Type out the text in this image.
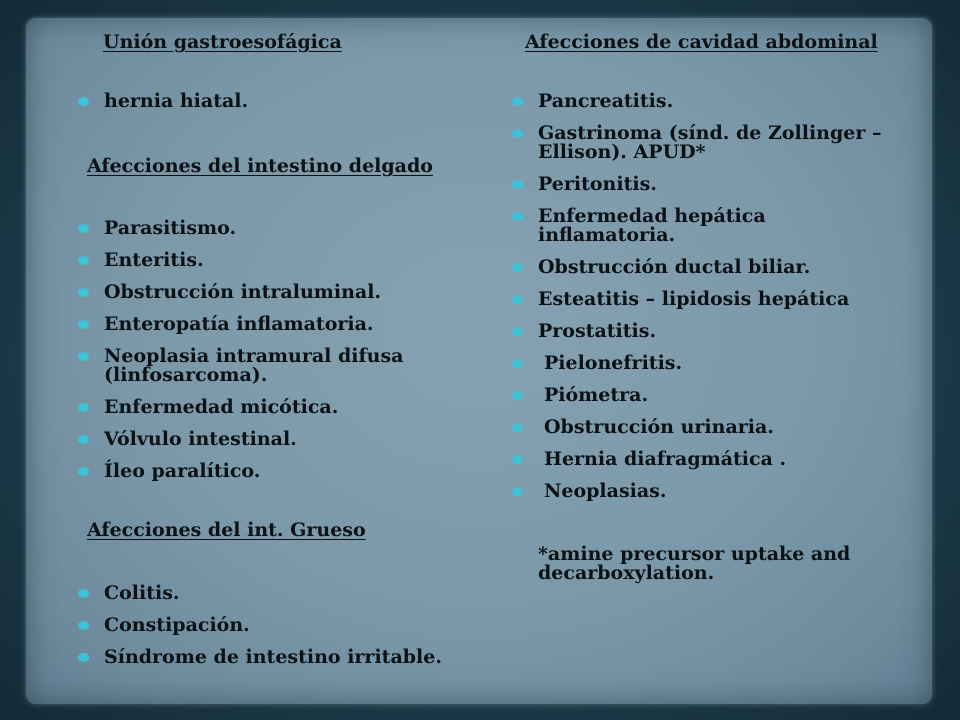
Unión gastroesofágica
hernia hiatal.
Afecciones del intestino delgado
Parasitismo.
Enteritis.
Obstrucción intraluminal.
Enteropatía inflamatoria.
Neoplasia intramural difusa (linfosarcoma).
Enfermedad micótica.
Vólvulo intestinal.
Íleo paralítico.
Afecciones del int. Grueso
Colitis.
Constipación.
Síndrome de intestino irritable.
Afecciones de cavidad abdominal
Pancreatitis.
Gastrinoma (sínd. de Zollinger – Ellison). APUD*
Peritonitis.
Enfermedad hepática inflamatoria.
Obstrucción ductal biliar.
Esteatitis – lipidosis hepática
Prostatitis.
Pielonefritis.
Piómetra.
Obstrucción urinaria.
Hernia diafragmática .
Neoplasias.
*amine precursor uptake and decarboxylation.
